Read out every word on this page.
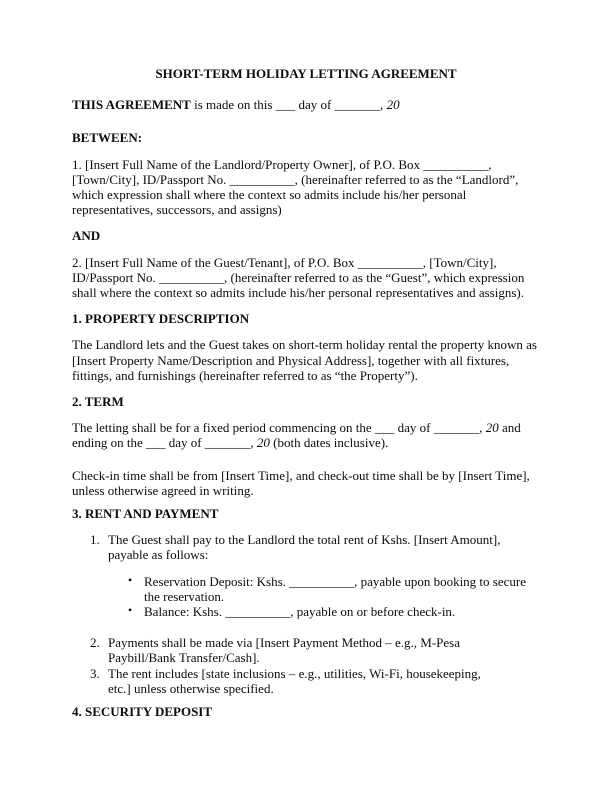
SHORT-TERM HOLIDAY LETTING AGREEMENT

THIS AGREEMENT is made on this ___ day of _______, 20

BETWEEN:

1. [Insert Full Name of the Landlord/Property Owner], of P.O. Box __________, [Town/City], ID/Passport No. __________, (hereinafter referred to as the “Landlord”, which expression shall where the context so admits include his/her personal representatives, successors, and assigns)

AND

2. [Insert Full Name of the Guest/Tenant], of P.O. Box __________, [Town/City], ID/Passport No. __________, (hereinafter referred to as the “Guest”, which expression shall where the context so admits include his/her personal representatives and assigns).

1. PROPERTY DESCRIPTION

The Landlord lets and the Guest takes on short-term holiday rental the property known as [Insert Property Name/Description and Physical Address], together with all fixtures, fittings, and furnishings (hereinafter referred to as “the Property”).

2. TERM

The letting shall be for a fixed period commencing on the ___ day of _______, 20 and ending on the ___ day of _______, 20 (both dates inclusive).

Check-in time shall be from [Insert Time], and check-out time shall be by [Insert Time], unless otherwise agreed in writing.

3. RENT AND PAYMENT

1. The Guest shall pay to the Landlord the total rent of Kshs. [Insert Amount], payable as follows:
• Reservation Deposit: Kshs. __________, payable upon booking to secure the reservation.
• Balance: Kshs. __________, payable on or before check-in.
2. Payments shall be made via [Insert Payment Method – e.g., M-Pesa Paybill/Bank Transfer/Cash].
3. The rent includes [state inclusions – e.g., utilities, Wi-Fi, housekeeping, etc.] unless otherwise specified.

4. SECURITY DEPOSIT
